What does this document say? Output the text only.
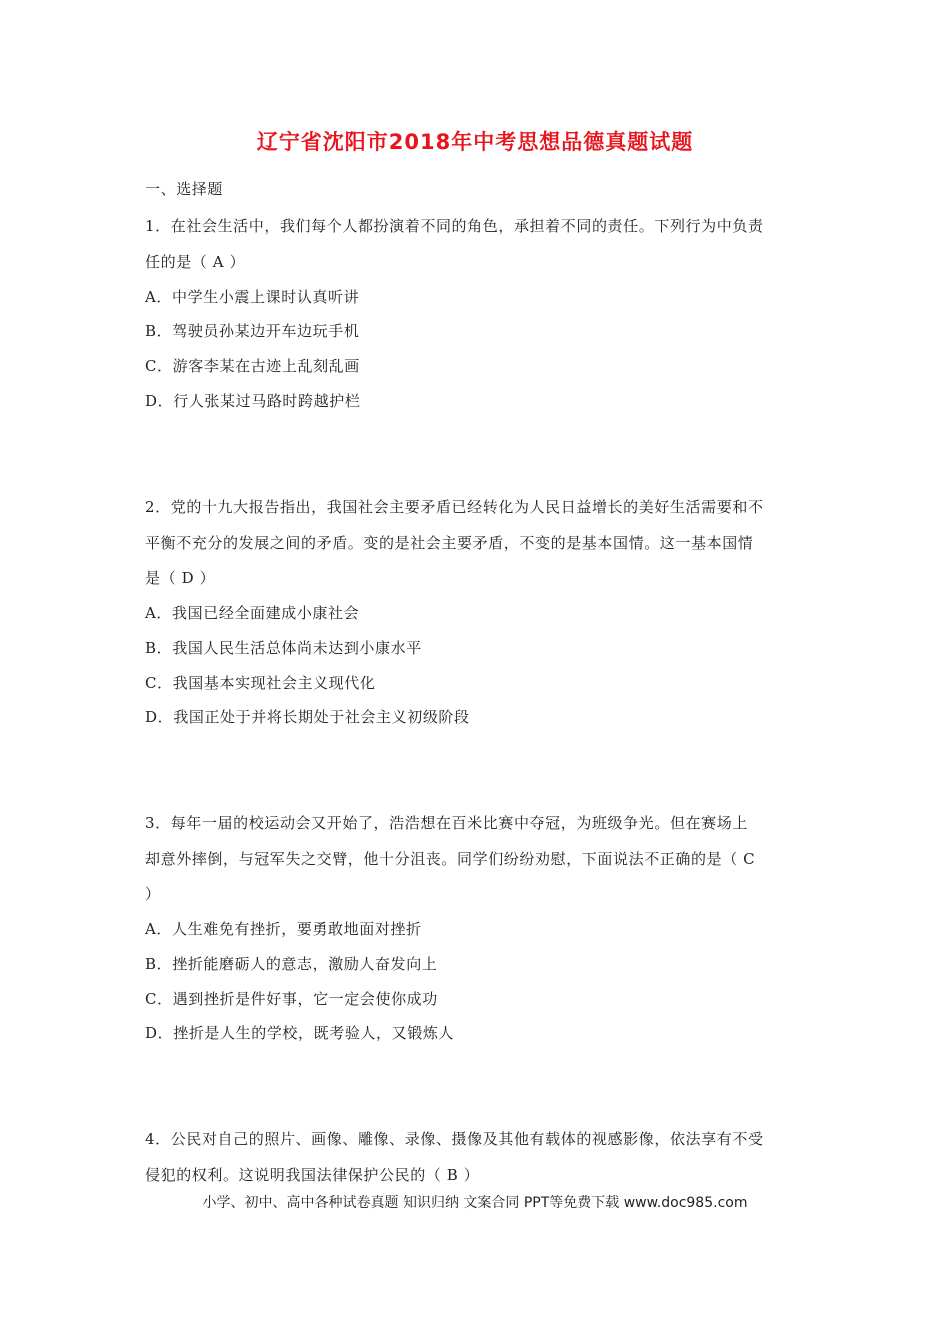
辽宁省沈阳市2018年中考思想品德真题试题
一、选择题
1．在社会生活中，我们每个人都扮演着不同的角色，承担着不同的责任。下列行为中负责
任的是（ A ）
A．中学生小震上课时认真听讲
B．驾驶员孙某边开车边玩手机
C．游客李某在古迹上乱刻乱画
D．行人张某过马路时跨越护栏
2．党的十九大报告指出，我国社会主要矛盾已经转化为人民日益增长的美好生活需要和不
平衡不充分的发展之间的矛盾。变的是社会主要矛盾，不变的是基本国情。这一基本国情
是（ D ）
A．我国已经全面建成小康社会
B．我国人民生活总体尚未达到小康水平
C．我国基本实现社会主义现代化
D．我国正处于并将长期处于社会主义初级阶段
3．每年一届的校运动会又开始了，浩浩想在百米比赛中夺冠，为班级争光。但在赛场上
却意外摔倒，与冠军失之交臂，他十分沮丧。同学们纷纷劝慰，下面说法不正确的是（ C
）
A．人生难免有挫折，要勇敢地面对挫折
B．挫折能磨砺人的意志，激励人奋发向上
C．遇到挫折是件好事，它一定会使你成功
D．挫折是人生的学校，既考验人，又锻炼人
4．公民对自己的照片、画像、雕像、录像、摄像及其他有载体的视感影像，依法享有不受
侵犯的权利。这说明我国法律保护公民的（ B ）
小学、初中、高中各种试卷真题 知识归纳 文案合同 PPT等免费下载 www.doc985.com
